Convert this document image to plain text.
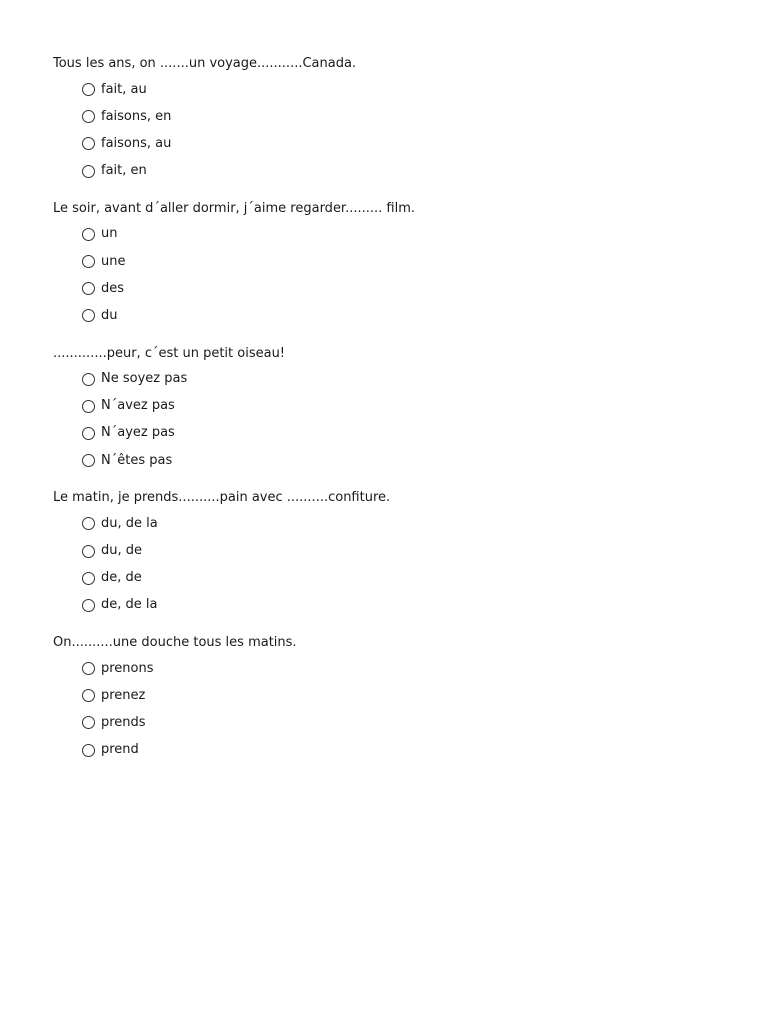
Tous les ans, on .......un voyage...........Canada.

fait, au
faisons, en
faisons, au
fait, en

Le soir, avant d´aller dormir, j´aime regarder......... film.

un
une
des
du

.............peur, c´est un petit oiseau!

Ne soyez pas
N´avez pas
N´ayez pas
N´êtes pas

Le matin, je prends..........pain avec ..........confiture.

du, de la
du, de
de, de
de, de la

On..........une douche tous les matins.

prenons
prenez
prends
prend
